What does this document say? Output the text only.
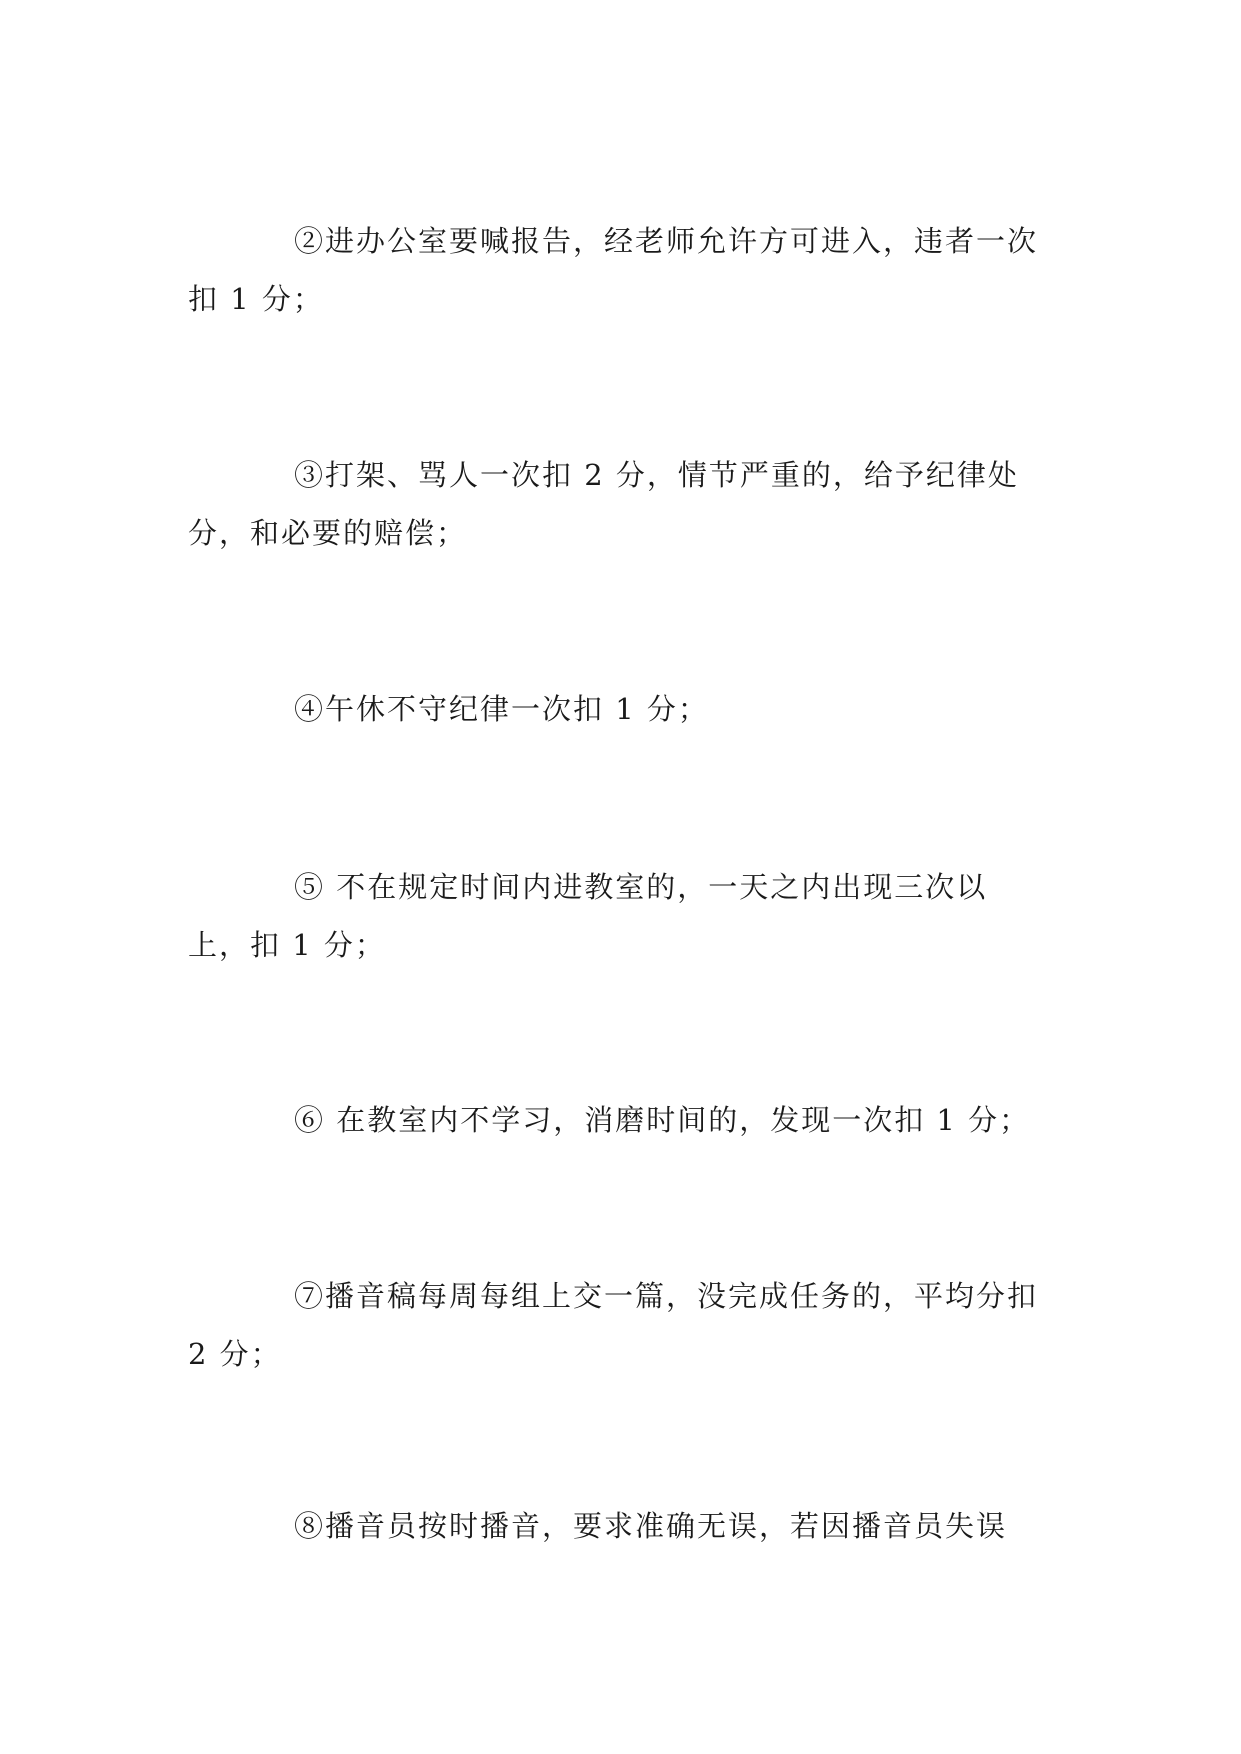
②进办公室要喊报告，经老师允许方可进入，违者一次扣 1 分；

③打架、骂人一次扣 2 分，情节严重的，给予纪律处分，和必要的赔偿；

④午休不守纪律一次扣 1 分；

⑤ 不在规定时间内进教室的，一天之内出现三次以上，扣 1 分；

⑥ 在教室内不学习，消磨时间的，发现一次扣 1 分；

⑦播音稿每周每组上交一篇，没完成任务的，平均分扣 2 分；

⑧播音员按时播音，要求准确无误，若因播音员失误
